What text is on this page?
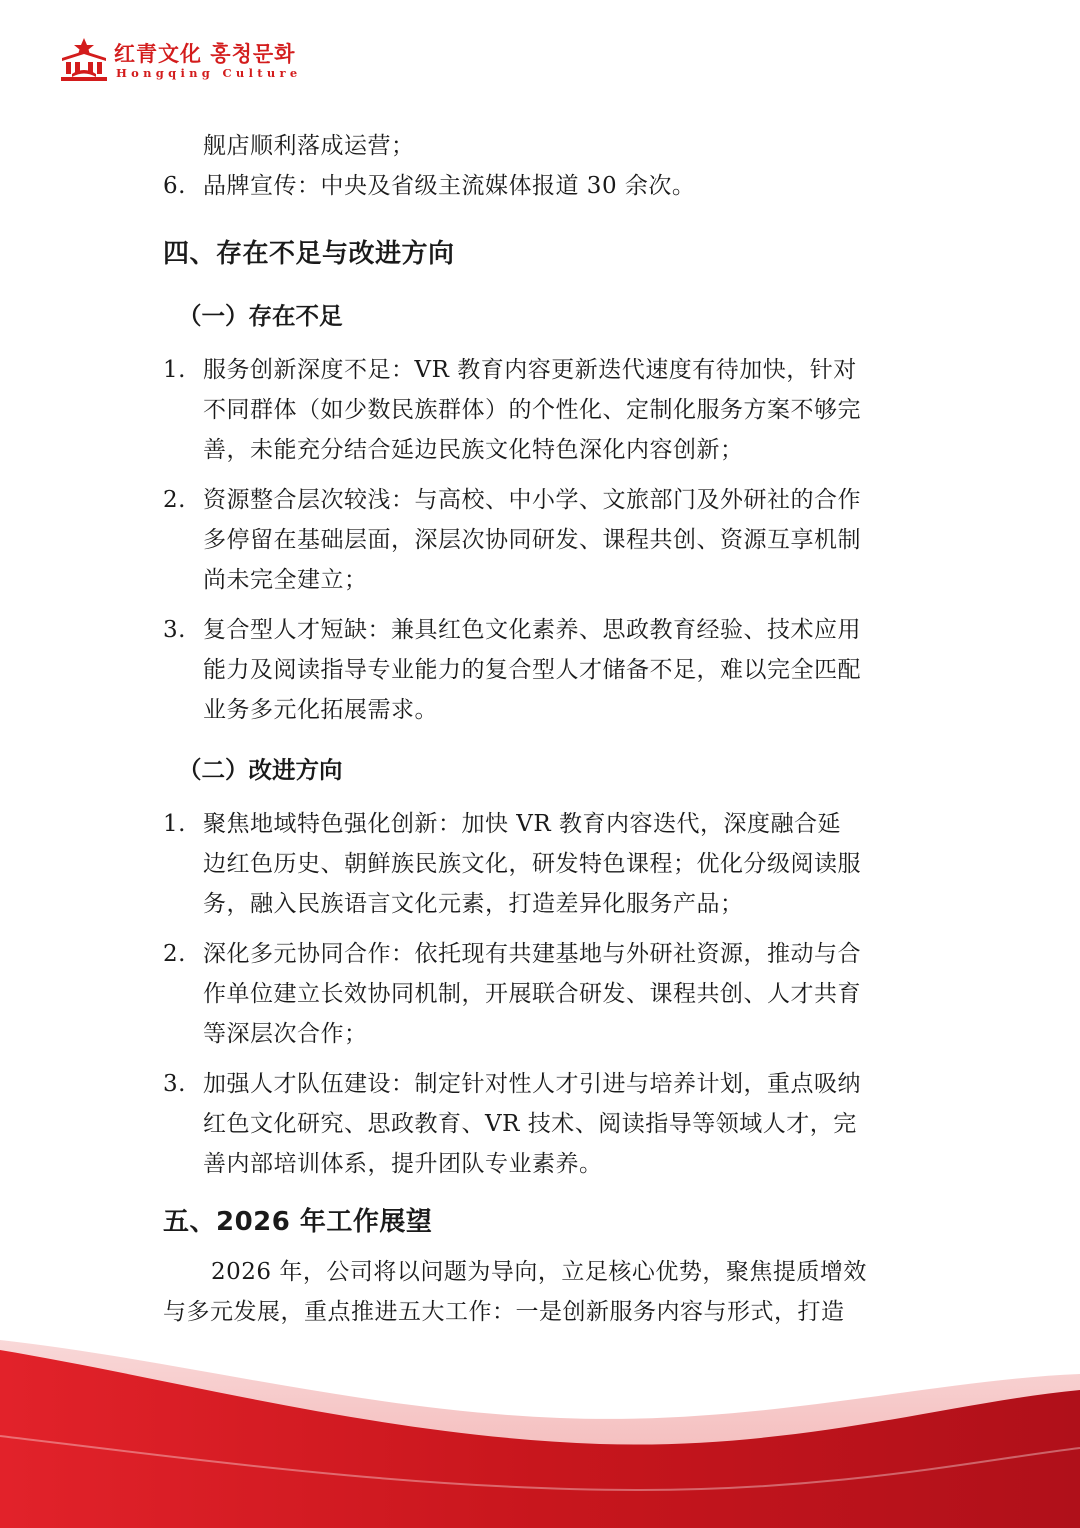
红青文化 홍청문화
Hongqing Culture
舰店顺利落成运营；
6. 品牌宣传：中央及省级主流媒体报道 30 余次。
四、存在不足与改进方向
（一）存在不足
1. 服务创新深度不足：VR 教育内容更新迭代速度有待加快，针对
不同群体（如少数民族群体）的个性化、定制化服务方案不够完
善，未能充分结合延边民族文化特色深化内容创新；
2. 资源整合层次较浅：与高校、中小学、文旅部门及外研社的合作
多停留在基础层面，深层次协同研发、课程共创、资源互享机制
尚未完全建立；
3. 复合型人才短缺：兼具红色文化素养、思政教育经验、技术应用
能力及阅读指导专业能力的复合型人才储备不足，难以完全匹配
业务多元化拓展需求。
（二）改进方向
1. 聚焦地域特色强化创新：加快 VR 教育内容迭代，深度融合延
边红色历史、朝鲜族民族文化，研发特色课程；优化分级阅读服
务，融入民族语言文化元素，打造差异化服务产品；
2. 深化多元协同合作：依托现有共建基地与外研社资源，推动与合
作单位建立长效协同机制，开展联合研发、课程共创、人才共育
等深层次合作；
3. 加强人才队伍建设：制定针对性人才引进与培养计划，重点吸纳
红色文化研究、思政教育、VR 技术、阅读指导等领域人才，完
善内部培训体系，提升团队专业素养。
五、2026 年工作展望
2026 年，公司将以问题为导向，立足核心优势，聚焦提质增效
与多元发展，重点推进五大工作：一是创新服务内容与形式，打造
